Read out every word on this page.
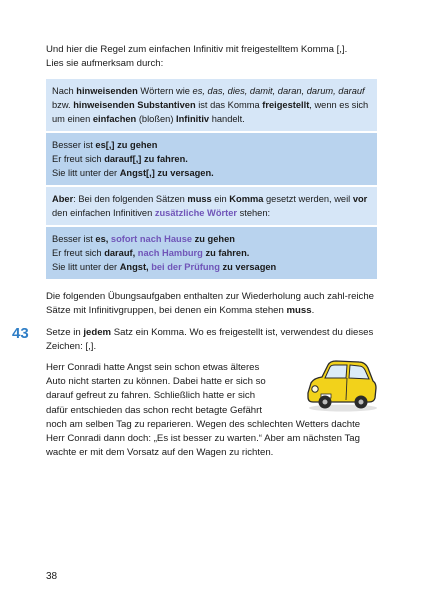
Und hier die Regel zum einfachen Infinitiv mit freigestelltem Komma [,].
Lies sie aufmerksam durch:
Nach hinweisenden Wörtern wie es, das, dies, damit, daran, darum, darauf bzw. hinweisenden Substantiven ist das Komma freigestellt, wenn es sich um einen einfachen (bloßen) Infinitiv handelt.
Besser ist es[,] zu gehen
Er freut sich darauf[,] zu fahren.
Sie litt unter der Angst[,] zu versagen.
Aber: Bei den folgenden Sätzen muss ein Komma gesetzt werden, weil vor den einfachen Infinitiven zusätzliche Wörter stehen:
Besser ist es, sofort nach Hause zu gehen
Er freut sich darauf, nach Hamburg zu fahren.
Sie litt unter der Angst, bei der Prüfung zu versagen
Die folgenden Übungsaufgaben enthalten zur Wiederholung auch zahl-reiche Sätze mit Infinitivgruppen, bei denen ein Komma stehen muss.
43 Setze in jedem Satz ein Komma. Wo es freigestellt ist, verwendest du dieses Zeichen: [,].
Herr Conradi hatte Angst sein schon etwas älteres
Auto nicht starten zu können. Dabei hatte er sich so
darauf gefreut zu fahren. Schließlich hatte er sich
dafür entschieden das schon recht betagte Gefährt
noch am selben Tag zu reparieren. Wegen des schlechten Wetters dachte
Herr Conradi dann doch: „Es ist besser zu warten.“ Aber am nächsten Tag
wachte er mit dem Vorsatz auf den Wagen zu richten.
38
